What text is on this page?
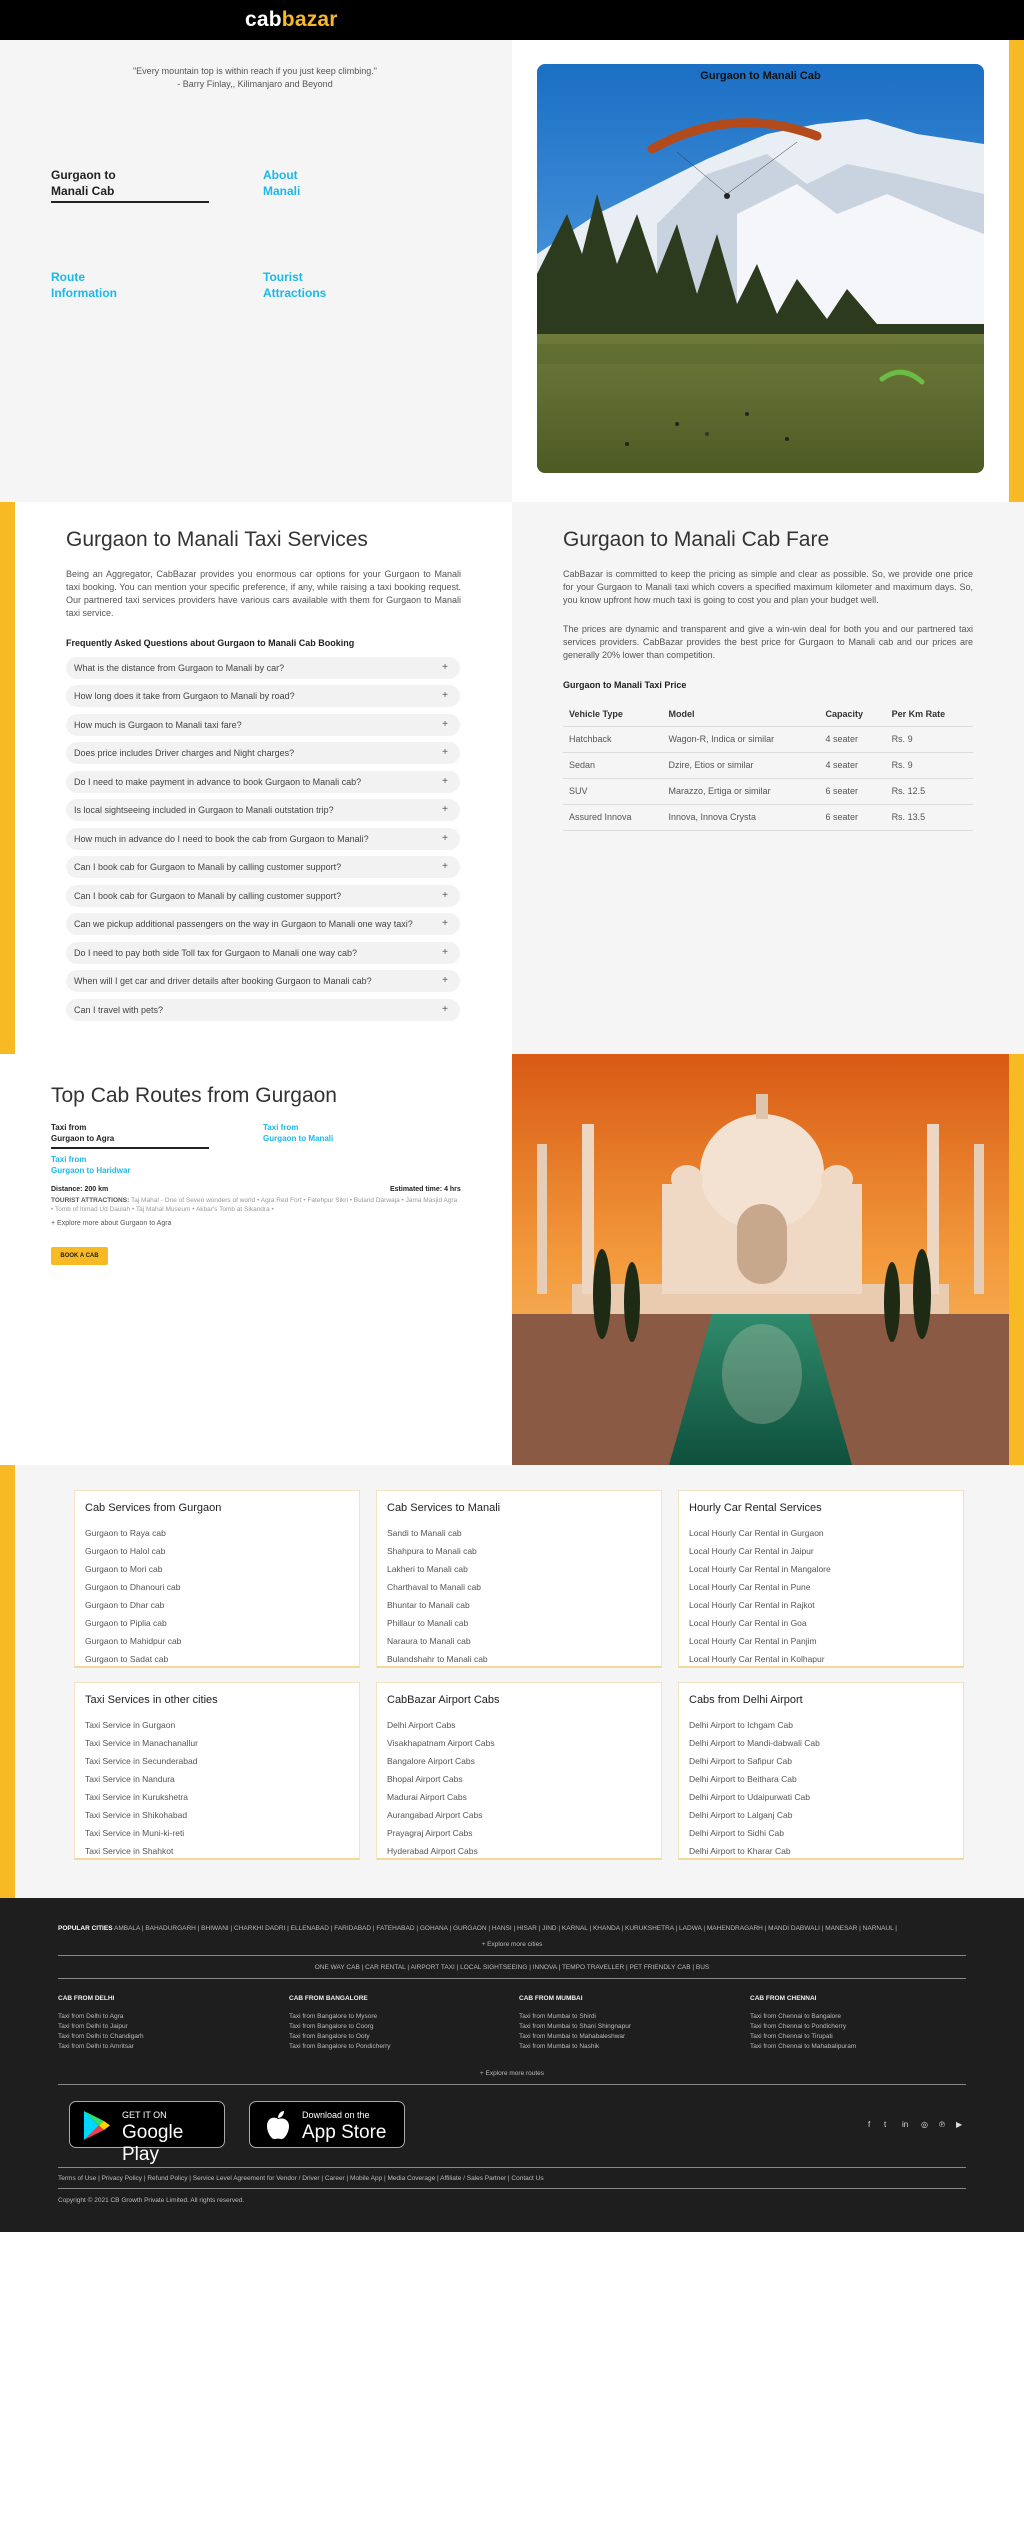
cabbazar
"Every mountain top is within reach if you just keep climbing."
- Barry Finlay,, Kilimanjaro and Beyond
Gurgaon to
Manali Cab
About
Manali
Route
Information
Tourist
Attractions
Gurgaon to Manali Cab
Gurgaon to Manali Taxi Services
Being an Aggregator, CabBazar provides you enormous car options for your Gurgaon to Manali taxi booking. You can mention your specific preference, if any, while raising a taxi booking request. Our partnered taxi services providers have various cars available with them for Gurgaon to Manali taxi service.
Frequently Asked Questions about Gurgaon to Manali Cab Booking
What is the distance from Gurgaon to Manali by car?	+
How long does it take from Gurgaon to Manali by road?	+
How much is Gurgaon to Manali taxi fare?	+
Does price includes Driver charges and Night charges?	+
Do I need to make payment in advance to book Gurgaon to Manali cab?	+
Is local sightseeing included in Gurgaon to Manali outstation trip?	+
How much in advance do I need to book the cab from Gurgaon to Manali?	+
Can I book cab for Gurgaon to Manali by calling customer support?	+
Can I book cab for Gurgaon to Manali by calling customer support?	+
Can we pickup additional passengers on the way in Gurgaon to Manali one way taxi?	+
Do I need to pay both side Toll tax for Gurgaon to Manali one way cab?	+
When will I get car and driver details after booking Gurgaon to Manali cab?	+
Can I travel with pets?	+
Gurgaon to Manali Cab Fare
CabBazar is committed to keep the pricing as simple and clear as possible. So, we provide one price for your Gurgaon to Manali taxi which covers a specified maximum kilometer and maximum days. So, you know upfront how much taxi is going to cost you and plan your budget well.
The prices are dynamic and transparent and give a win-win deal for both you and our partnered taxi services providers. CabBazar provides the best price for Gurgaon to Manali cab and our prices are generally 20% lower than competition.
Gurgaon to Manali Taxi Price
Vehicle Type	Model	Capacity	Per Km Rate
Hatchback	Wagon-R, Indica or similar	4 seater	Rs. 9
Sedan	Dzire, Etios or similar	4 seater	Rs. 9
SUV	Marazzo, Ertiga or similar	6 seater	Rs. 12.5
Assured Innova	Innova, Innova Crysta	6 seater	Rs. 13.5
Top Cab Routes from Gurgaon
Taxi from
Gurgaon to Agra
Taxi from
Gurgaon to Manali
Taxi from
Gurgaon to Haridwar
Distance: 200 km	Estimated time: 4 hrs
TOURIST ATTRACTIONS: Taj Mahal - One of Seven wonders of world • Agra Red Fort • Fatehpur Sikri • Buland Darwaja • Jama Masjid Agra • Tomb of Itimad Ud Daulah • Taj Mahal Museum • Akbar's Tomb at Sikandra •
+ Explore more about Gurgaon to Agra
BOOK A CAB
Cab Services from Gurgaon
Gurgaon to Raya cab
Gurgaon to Halol cab
Gurgaon to Mori cab
Gurgaon to Dhanouri cab
Gurgaon to Dhar cab
Gurgaon to Piplia cab
Gurgaon to Mahidpur cab
Gurgaon to Sadat cab
Cab Services to Manali
Sandi to Manali cab
Shahpura to Manali cab
Lakheri to Manali cab
Charthaval to Manali cab
Bhuntar to Manali cab
Phillaur to Manali cab
Naraura to Manali cab
Bulandshahr to Manali cab
Hourly Car Rental Services
Local Hourly Car Rental in Gurgaon
Local Hourly Car Rental in Jaipur
Local Hourly Car Rental in Mangalore
Local Hourly Car Rental in Pune
Local Hourly Car Rental in Rajkot
Local Hourly Car Rental in Goa
Local Hourly Car Rental in Panjim
Local Hourly Car Rental in Kolhapur
Taxi Services in other cities
Taxi Service in Gurgaon
Taxi Service in Manachanallur
Taxi Service in Secunderabad
Taxi Service in Nandura
Taxi Service in Kurukshetra
Taxi Service in Shikohabad
Taxi Service in Muni-ki-reti
Taxi Service in Shahkot
CabBazar Airport Cabs
Delhi Airport Cabs
Visakhapatnam Airport Cabs
Bangalore Airport Cabs
Bhopal Airport Cabs
Madurai Airport Cabs
Aurangabad Airport Cabs
Prayagraj Airport Cabs
Hyderabad Airport Cabs
Cabs from Delhi Airport
Delhi Airport to Ichgam Cab
Delhi Airport to Mandi-dabwali Cab
Delhi Airport to Safipur Cab
Delhi Airport to Beithara Cab
Delhi Airport to Udaipurwati Cab
Delhi Airport to Lalganj Cab
Delhi Airport to Sidhi Cab
Delhi Airport to Kharar Cab
POPULAR CITIES AMBALA | BAHADURGARH | BHIWANI | CHARKHI DADRI | ELLENABAD | FARIDABAD | FATEHABAD | GOHANA | GURGAON | HANSI | HISAR | JIND | KARNAL | KHANDA | KURUKSHETRA | LADWA | MAHENDRAGARH | MANDI DABWALI | MANESAR | NARNAUL |
+ Explore more cities
ONE WAY CAB | CAR RENTAL | AIRPORT TAXI | LOCAL SIGHTSEEING | INNOVA | TEMPO TRAVELLER | PET FRIENDLY CAB | BUS
CAB FROM DELHI
Taxi from Delhi to Agra
Taxi from Delhi to Jaipur
Taxi from Delhi to Chandigarh
Taxi from Delhi to Amritsar
CAB FROM BANGALORE
Taxi from Bangalore to Mysore
Taxi from Bangalore to Coorg
Taxi from Bangalore to Ooty
Taxi from Bangalore to Pondicherry
CAB FROM MUMBAI
Taxi from Mumbai to Shirdi
Taxi from Mumbai to Shani Shingnapur
Taxi from Mumbai to Mahabaleshwar
Taxi from Mumbai to Nashik
CAB FROM CHENNAI
Taxi from Chennai to Bangalore
Taxi from Chennai to Pondicherry
Taxi from Chennai to Tirupati
Taxi from Chennai to Mahabalipuram
+ Explore more routes
GET IT ON
Google Play
Download on the
App Store	f t in ◎ ℗ ▶
Terms of Use | Privacy Policy | Refund Policy | Service Level Agreement for Vendor / Driver | Career | Mobile App | Media Coverage | Affiliate / Sales Partner | Contact Us
Copyright © 2021 CB Growth Private Limited. All rights reserved.
